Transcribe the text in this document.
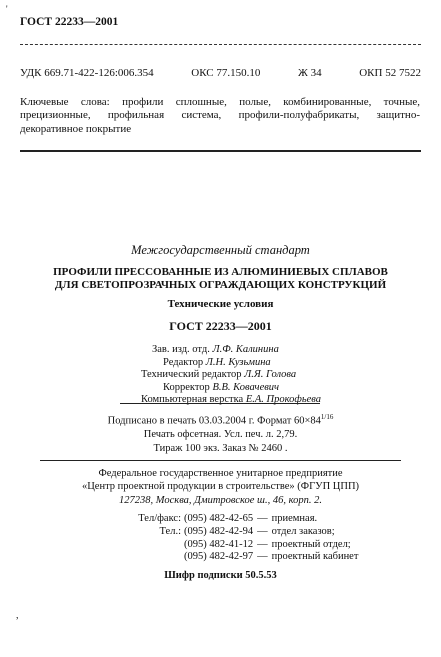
'
ГОСТ 22233—2001
УДК 669.71-422-126:006.354	ОКС 77.150.10	Ж 34	ОКП 52 7522
Ключевые слова: профили сплошные, полые, комбинированные, точные, прецизионные, профильная система, профили-полуфабрикаты, защитно-декоративное покрытие
Межгосударственный стандарт
ПРОФИЛИ ПРЕССОВАННЫЕ ИЗ АЛЮМИНИЕВЫХ СПЛАВОВ
ДЛЯ СВЕТОПРОЗРАЧНЫХ ОГРАЖДАЮЩИХ КОНСТРУКЦИЙ
Технические условия
ГОСТ 22233—2001
Зав. изд. отд. Л.Ф. Калинина
Редактор Л.Н. Кузьмина
Технический редактор Л.Я. Голова
Корректор В.В. Ковачевич
Компьютерная верстка Е.А. Прокофьева
Подписано в печать 03.03.2004 г. Формат $60\times 84^{1/16}$
Печать офсетная. Усл. печ. л. 2,79.
Тираж 100 экз. Заказ № 2460 .
Федеральное государственное унитарное предприятие
«Центр проектной продукции в строительстве» (ФГУП ЦПП)
127238, Москва, Дмитровское ш., 46, корп. 2.
Тел/факс: (095) 482-42-65 — приемная.
Тел.: (095) 482-42-94 — отдел заказов;
(095) 482-41-12 — проектный отдел;
(095) 482-42-97 — проектный кабинет
Шифр подписки 50.5.53
,
